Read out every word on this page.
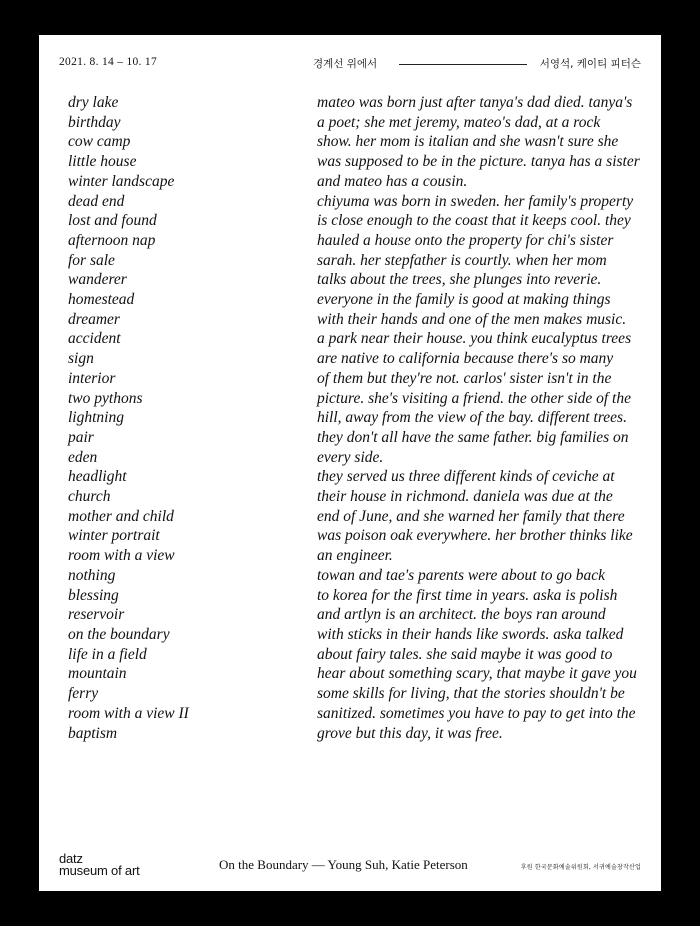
2021. 8. 14 – 10. 17	경계선 위에서	서영석, 케이티 피터슨
dry lake
birthday
cow camp
little house
winter landscape
dead end
lost and found
afternoon nap
for sale
wanderer
homestead
dreamer
accident
sign
interior
two pythons
lightning
pair
eden
headlight
church
mother and child
winter portrait
room with a view
nothing
blessing
reservoir
on the boundary
life in a field
mountain
ferry
room with a view II
baptism
mateo was born just after tanya's dad died. tanya's
a poet; she met jeremy, mateo's dad, at a rock
show. her mom is italian and she wasn't sure she
was supposed to be in the picture. tanya has a sister
and mateo has a cousin.
chiyuma was born in sweden. her family's property
is close enough to the coast that it keeps cool. they
hauled a house onto the property for chi's sister
sarah. her stepfather is courtly. when her mom
talks about the trees, she plunges into reverie.
everyone in the family is good at making things
with their hands and one of the men makes music.
a park near their house. you think eucalyptus trees
are native to california because there's so many
of them but they're not. carlos' sister isn't in the
picture. she's visiting a friend. the other side of the
hill, away from the view of the bay. different trees.
they don't all have the same father. big families on
every side.
they served us three different kinds of ceviche at
their house in richmond. daniela was due at the
end of June, and she warned her family that there
was poison oak everywhere. her brother thinks like
an engineer.
towan and tae's parents were about to go back
to korea for the first time in years. aska is polish
and artlyn is an architect. the boys ran around
with sticks in their hands like swords. aska talked
about fairy tales. she said maybe it was good to
hear about something scary, that maybe it gave you
some skills for living, that the stories shouldn't be
sanitized. sometimes you have to pay to get into the
grove but this day, it was free.
datz
museum of art	On the Boundary — Young Suh, Katie Peterson	후원 한국문화예술위원회, 서귀예술창작산업
